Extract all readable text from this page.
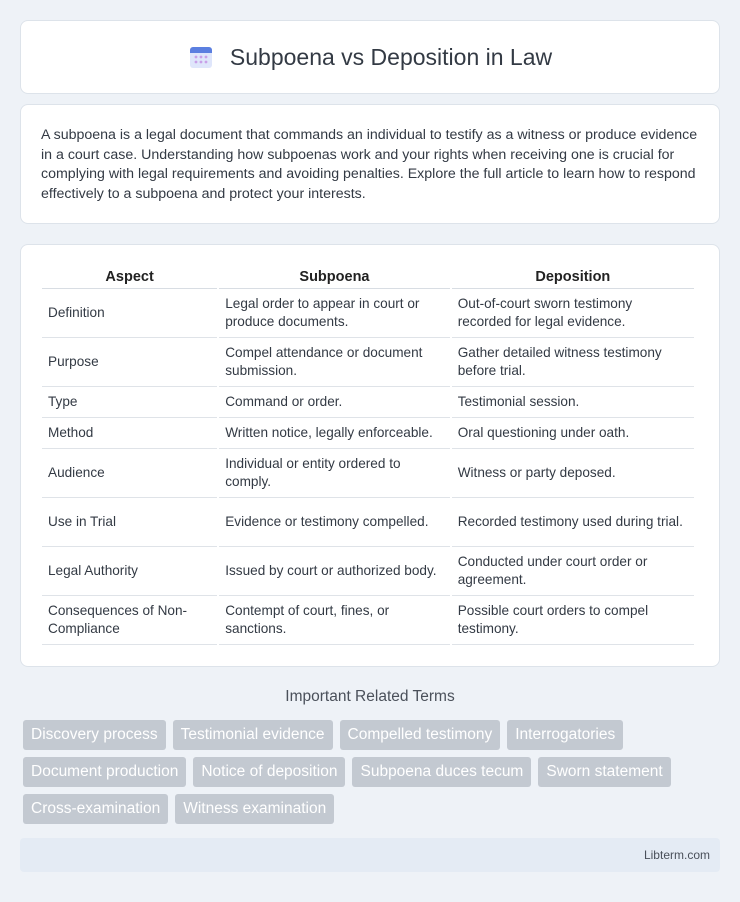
Subpoena vs Deposition in Law

A subpoena is a legal document that commands an individual to testify as a witness or produce evidence in a court case. Understanding how subpoenas work and your rights when receiving one is crucial for complying with legal requirements and avoiding penalties. Explore the full article to learn how to respond effectively to a subpoena and protect your interests.

Aspect	Subpoena	Deposition
Definition	Legal order to appear in court or produce documents.	Out-of-court sworn testimony recorded for legal evidence.
Purpose	Compel attendance or document submission.	Gather detailed witness testimony before trial.
Type	Command or order.	Testimonial session.
Method	Written notice, legally enforceable.	Oral questioning under oath.
Audience	Individual or entity ordered to comply.	Witness or party deposed.
Use in Trial	Evidence or testimony compelled.	Recorded testimony used during trial.
Legal Authority	Issued by court or authorized body.	Conducted under court order or agreement.
Consequences of Non-Compliance	Contempt of court, fines, or sanctions.	Possible court orders to compel testimony.
Important Related Terms
Discovery process	Testimonial evidence	Compelled testimony	Interrogatories
Document production	Notice of deposition	Subpoena duces tecum	Sworn statement
Cross-examination	Witness examination
Libterm.com
